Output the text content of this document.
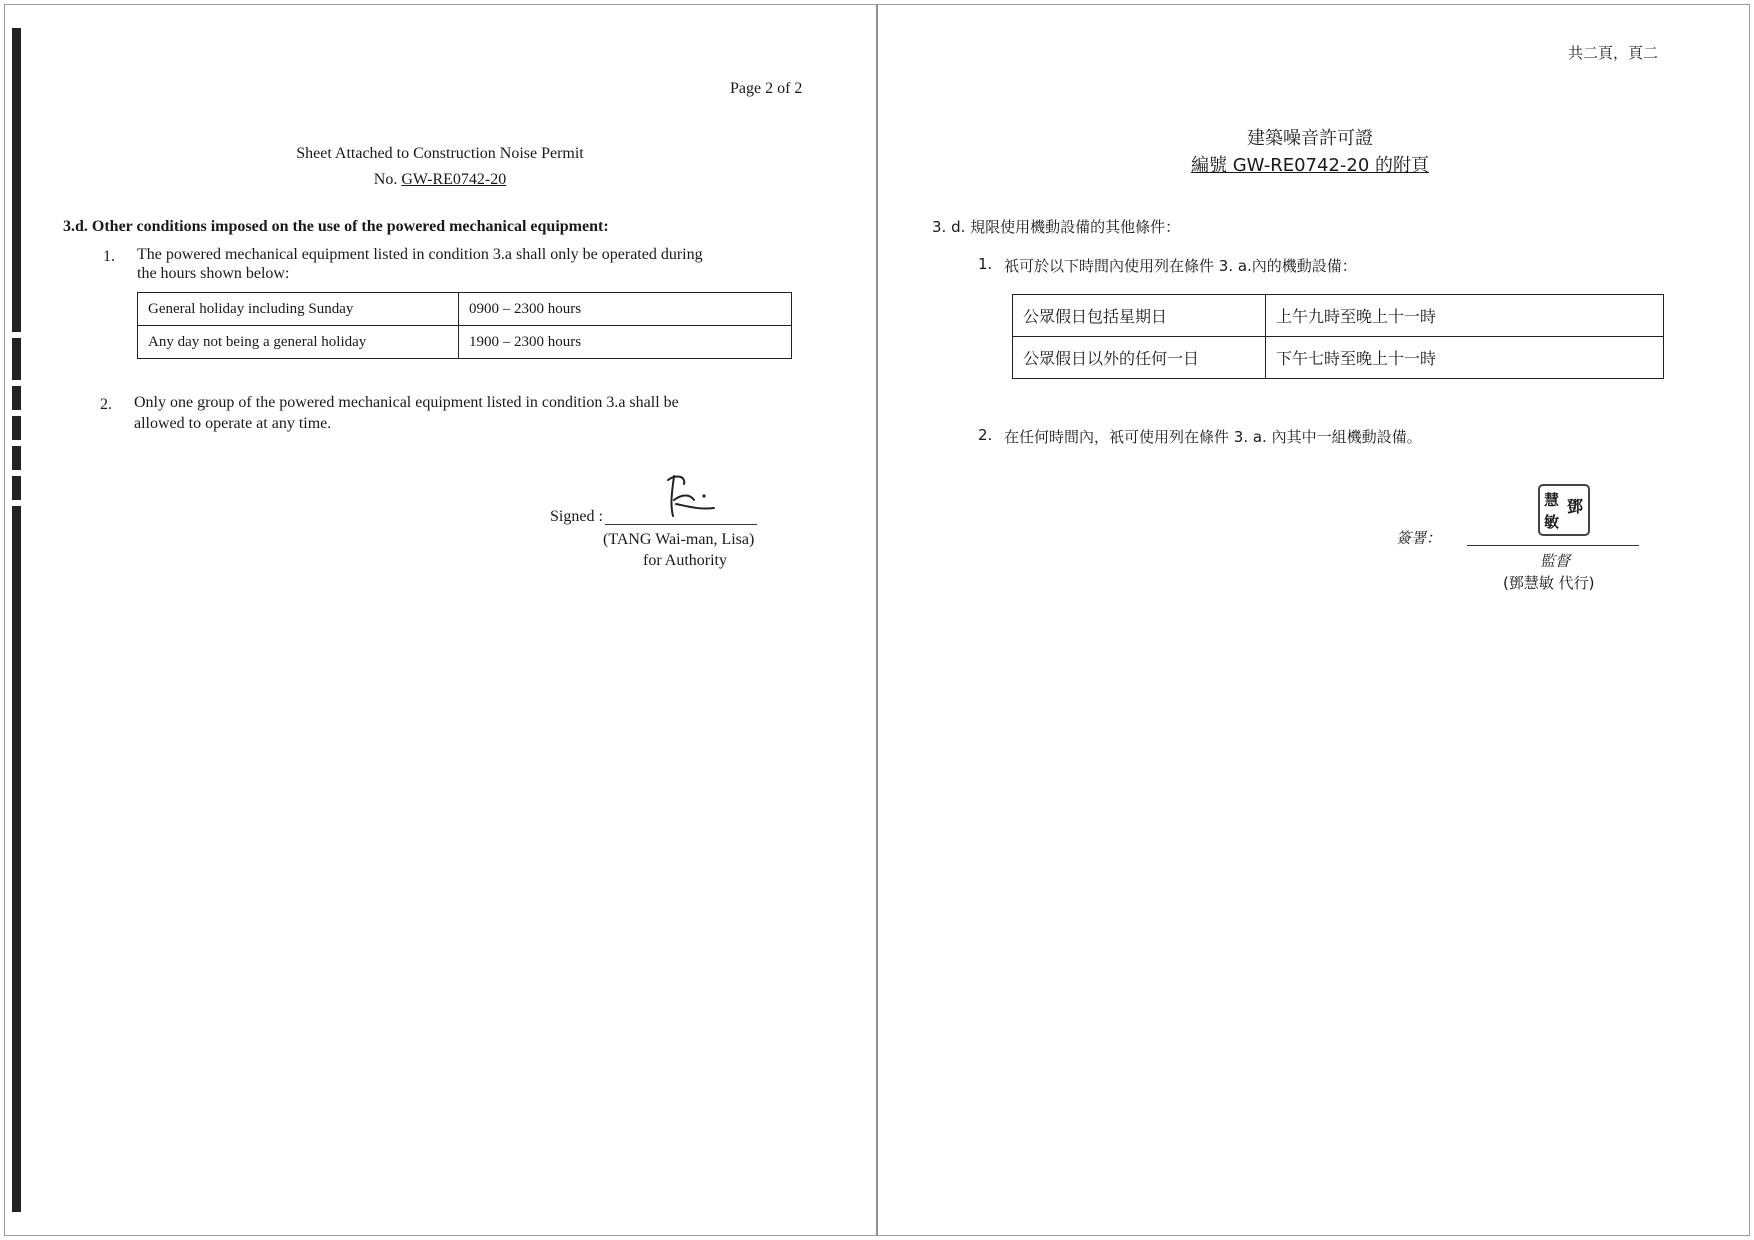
Page 2 of 2
Sheet Attached to Construction Noise Permit
No. GW-RE0742-20
3.d. Other conditions imposed on the use of the powered mechanical equipment:
1. The powered mechanical equipment listed in condition 3.a shall only be operated during
the hours shown below:
General holiday including Sunday	0900 – 2300 hours
Any day not being a general holiday	1900 – 2300 hours
2. Only one group of the powered mechanical equipment listed in condition 3.a shall be
allowed to operate at any time.
Signed :
(TANG Wai-man, Lisa)
for Authority
共二頁，頁二
建築噪音許可證
編號 GW-RE0742-20 的附頁
3. d. 規限使用機動設備的其他條件：
1. 祇可於以下時間內使用列在條件 3. a.內的機動設備：
公眾假日包括星期日	上午九時至晚上十一時
公眾假日以外的任何一日	下午七時至晚上十一時
2. 在任何時間內，祇可使用列在條件 3. a. 內其中一組機動設備。
鄧
慧
敏
簽署：
監督
(鄧慧敏 代行)
